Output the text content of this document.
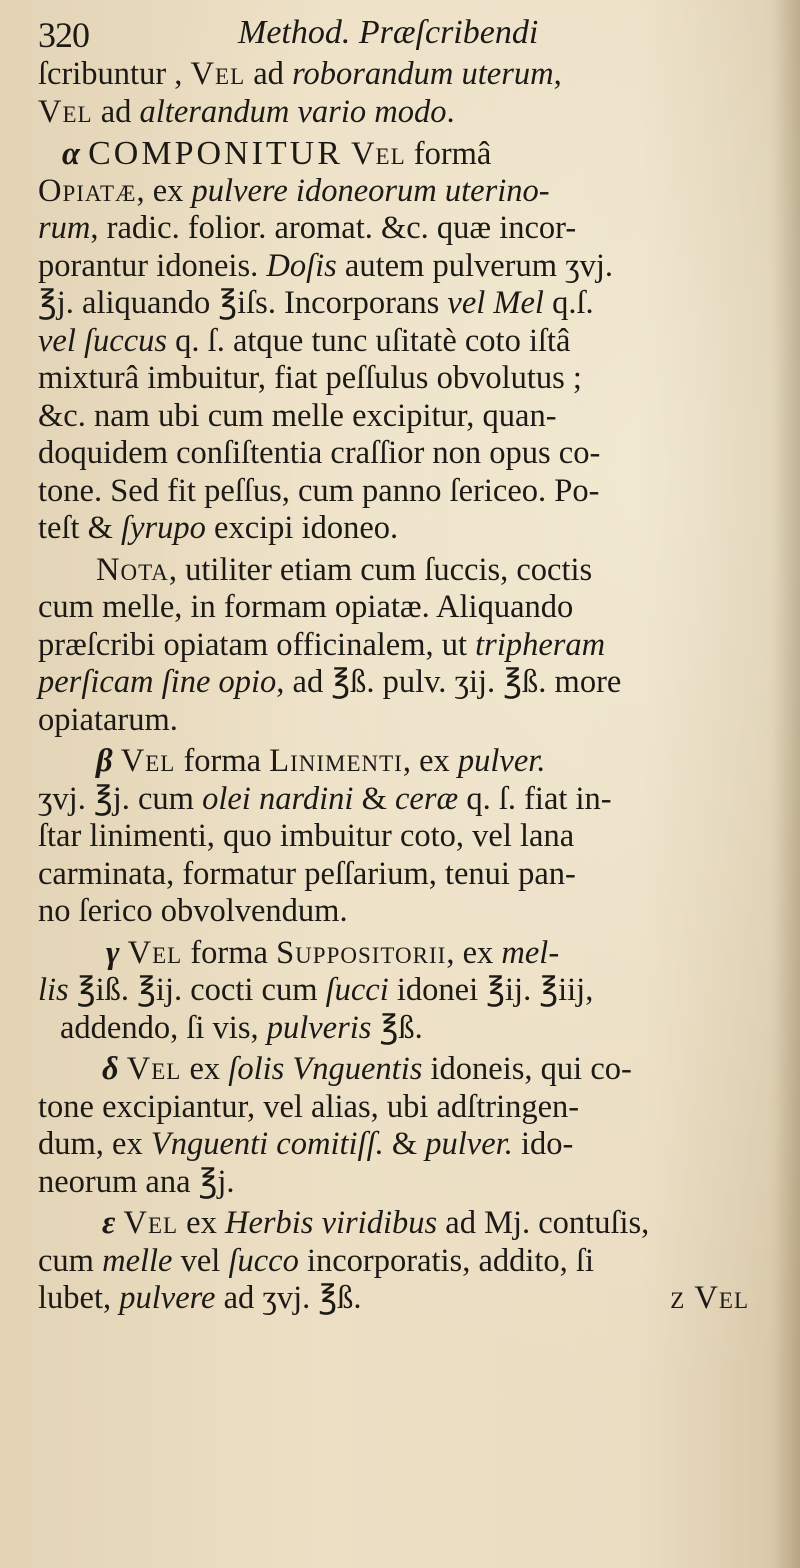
320	Method. Præſcribendi
ſcribuntur , Vel ad roborandum uterum,
Vel ad alterandum vario modo.
α COMPONITUR Vel formâ
Opiatæ, ex pulvere idoneorum uterino-
rum, radic. folior. aromat. &c. quæ incor-
porantur idoneis. Doſis autem pulverum ʒvj.
℥j. aliquando ℥iſs. Incorporans vel Mel q.ſ.
vel ſuccus q. ſ. atque tunc uſitatè coto iſtâ
mixturâ imbuitur, fiat peſſulus obvolutus ;
&c. nam ubi cum melle excipitur, quan-
doquidem conſiſtentia craſſior non opus co-
tone. Sed fit peſſus, cum panno ſericeo. Po-
teſt & ſyrupo excipi idoneo.
Nota, utiliter etiam cum ſuccis, coctis
cum melle, in formam opiatæ. Aliquando
præſcribi opiatam officinalem, ut tripheram
perſicam ſine opio, ad ℥ß. pulv. ʒij. ℥ß. more
opiatarum.
β Vel forma Linimenti, ex pulver.
ʒvj. ℥j. cum olei nardini & ceræ q. ſ. fiat in-
ſtar linimenti, quo imbuitur coto, vel lana
carminata, formatur peſſarium, tenui pan-
no ſerico obvolvendum.
γ Vel forma Suppositorii, ex mel-
lis ℥iß. ℥ij. cocti cum ſucci idonei ℥ij. ℥iij,
addendo, ſi vis, pulveris ℥ß.
δ Vel ex ſolis Vnguentis idoneis, qui co-
tone excipiantur, vel alias, ubi adſtringen-
dum, ex Vnguenti comitiſſ. & pulver. ido-
neorum ana ℥j.
ε Vel ex Herbis viridibus ad Mj. contuſis,
cum melle vel ſucco incorporatis, addito, ſi
lubet, pulvere ad ʒvj. ℥ß.	ζ Vel
